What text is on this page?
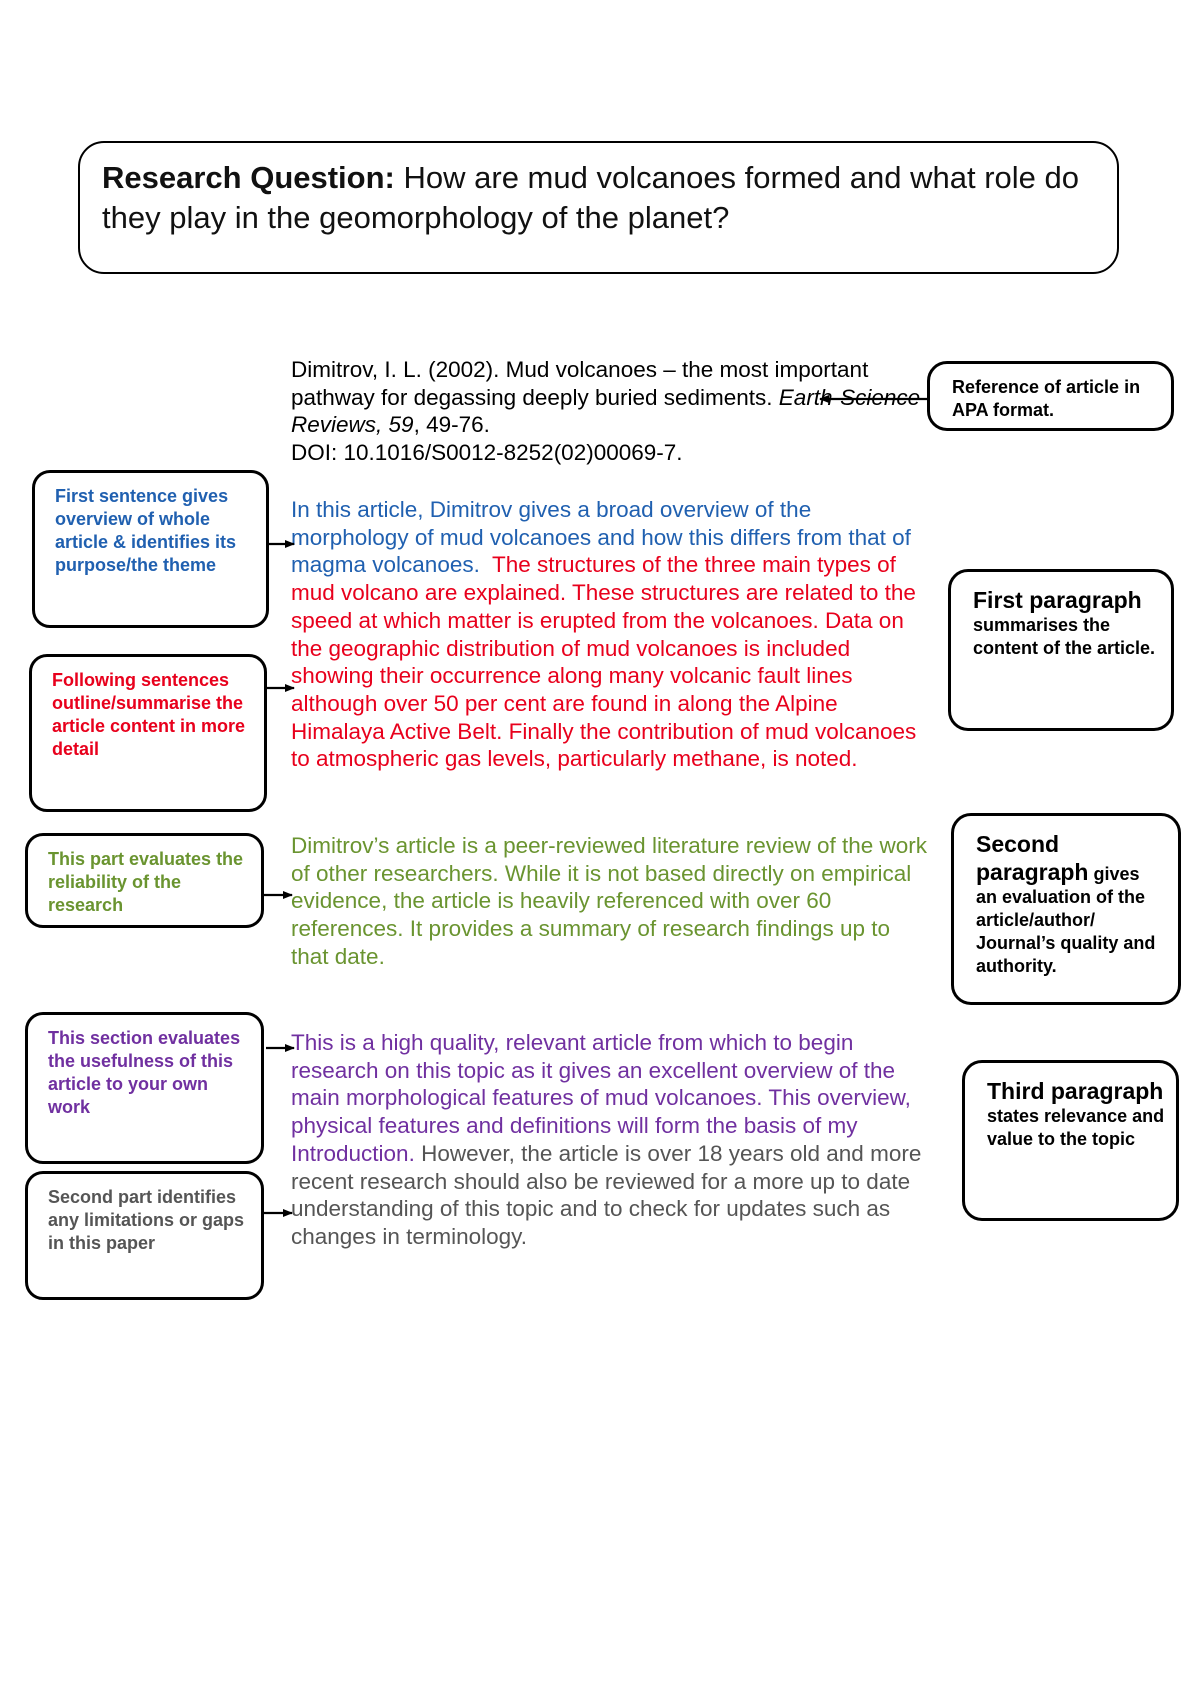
Research Question: How are mud volcanoes formed and what role do they play in the geomorphology of the planet?
Dimitrov, I. L. (2002). Mud volcanoes – the most important pathway for degassing deeply buried sediments. Earth-Science Reviews, 59, 49-76.
DOI: 10.1016/S0012-8252(02)00069-7.
In this article, Dimitrov gives a broad overview of the morphology of mud volcanoes and how this differs from that of magma volcanoes. The structures of the three main types of mud volcano are explained. These structures are related to the speed at which matter is erupted from the volcanoes. Data on the geographic distribution of mud volcanoes is included showing their occurrence along many volcanic fault lines although over 50 per cent are found in along the Alpine Himalaya Active Belt. Finally the contribution of mud volcanoes to atmospheric gas levels, particularly methane, is noted.
Dimitrov’s article is a peer-reviewed literature review of the work of other researchers. While it is not based directly on empirical evidence, the article is heavily referenced with over 60 references. It provides a summary of research findings up to that date.
This is a high quality, relevant article from which to begin research on this topic as it gives an excellent overview of the main morphological features of mud volcanoes. This overview, physical features and definitions will form the basis of my Introduction. However, the article is over 18 years old and more recent research should also be reviewed for a more up to date understanding of this topic and to check for updates such as changes in terminology.
First sentence gives overview of whole article & identifies its purpose/the theme
Following sentences outline/summarise the article content in more detail
This part evaluates the reliability of the research
This section evaluates the usefulness of this article to your own work
Second part identifies any limitations or gaps in this paper
Reference of article in APA format.
First paragraph
summarises the content of the article.
Second paragraph gives
an evaluation of the article/author/ Journal’s quality and authority.
Third paragraph
states relevance and value to the topic
